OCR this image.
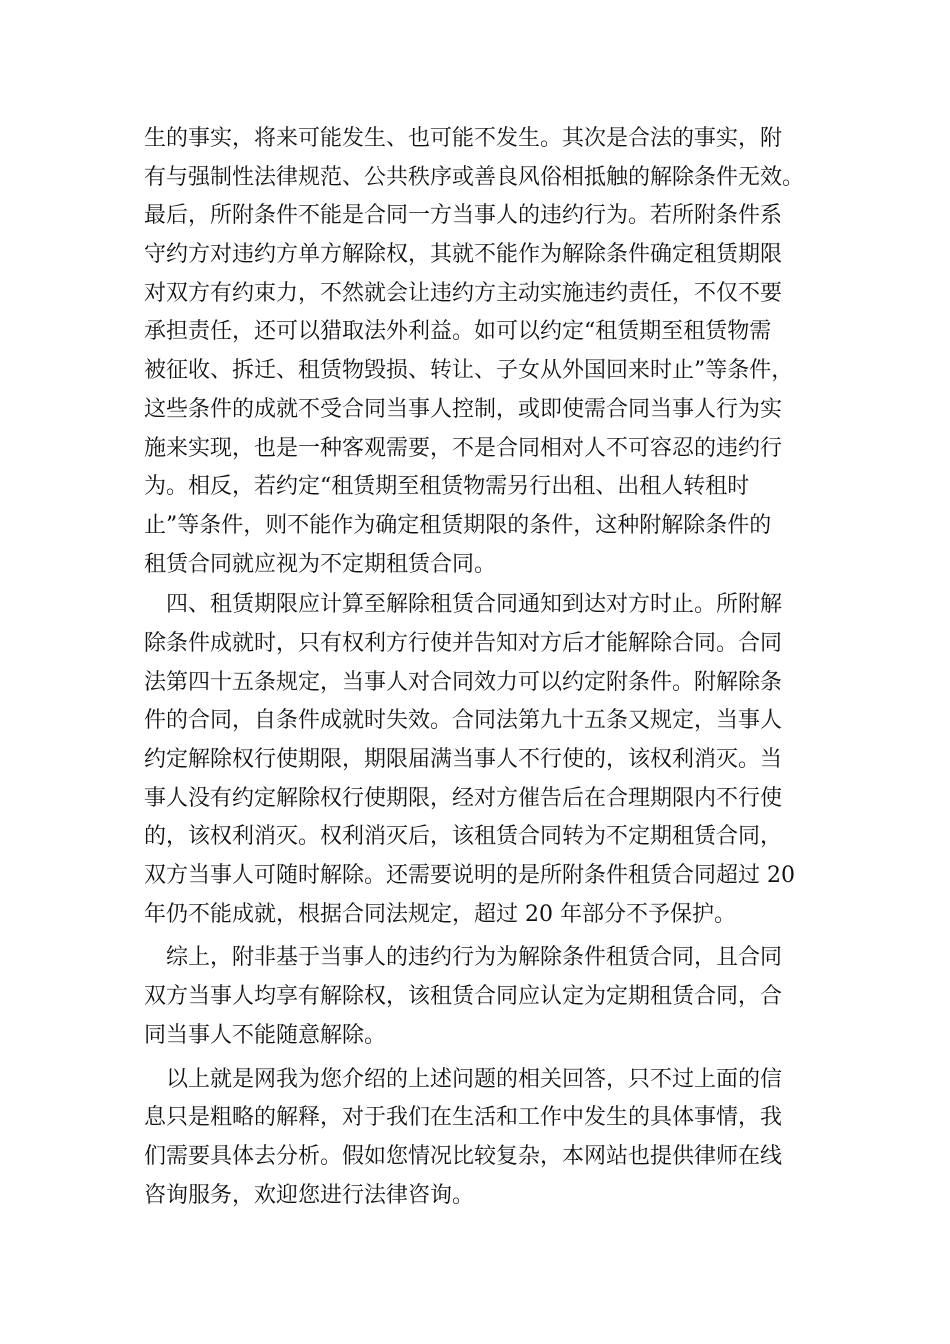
生的事实，将来可能发生、也可能不发生。其次是合法的事实，附
有与强制性法律规范、公共秩序或善良风俗相抵触的解除条件无效。
最后，所附条件不能是合同一方当事人的违约行为。若所附条件系
守约方对违约方单方解除权，其就不能作为解除条件确定租赁期限
对双方有约束力，不然就会让违约方主动实施违约责任，不仅不要
承担责任，还可以猎取法外利益。如可以约定“租赁期至租赁物需
被征收、拆迁、租赁物毁损、转让、子女从外国回来时止”等条件，
这些条件的成就不受合同当事人控制，或即使需合同当事人行为实
施来实现，也是一种客观需要，不是合同相对人不可容忍的违约行
为。相反，若约定“租赁期至租赁物需另行出租、出租人转租时
止”等条件，则不能作为确定租赁期限的条件，这种附解除条件的
租赁合同就应视为不定期租赁合同。
　四、租赁期限应计算至解除租赁合同通知到达对方时止。所附解
除条件成就时，只有权利方行使并告知对方后才能解除合同。合同
法第四十五条规定，当事人对合同效力可以约定附条件。附解除条
件的合同，自条件成就时失效。合同法第九十五条又规定，当事人
约定解除权行使期限，期限届满当事人不行使的，该权利消灭。当
事人没有约定解除权行使期限，经对方催告后在合理期限内不行使
的，该权利消灭。权利消灭后，该租赁合同转为不定期租赁合同，
双方当事人可随时解除。还需要说明的是所附条件租赁合同超过 20
年仍不能成就，根据合同法规定，超过 20 年部分不予保护。
　综上，附非基于当事人的违约行为为解除条件租赁合同，且合同
双方当事人均享有解除权，该租赁合同应认定为定期租赁合同，合
同当事人不能随意解除。
　以上就是网我为您介绍的上述问题的相关回答，只不过上面的信
息只是粗略的解释，对于我们在生活和工作中发生的具体事情，我
们需要具体去分析。假如您情况比较复杂，本网站也提供律师在线
咨询服务，欢迎您进行法律咨询。
